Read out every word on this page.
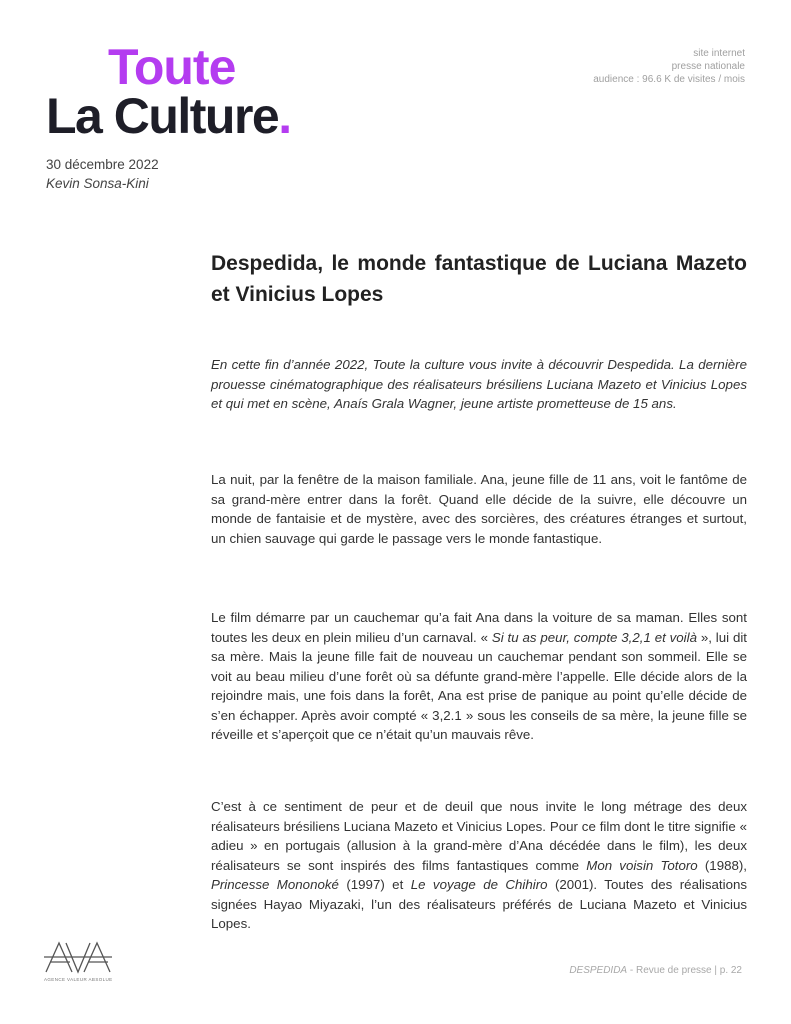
Toute
La Culture.
30 décembre 2022
Kevin Sonsa-Kini
site internet
presse nationale
audience : 96.6 K de visites / mois
Despedida, le monde fantastique de Luciana Mazeto et Vinicius Lopes

En cette fin d’année 2022, Toute la culture vous invite à découvrir Despedida. La dernière prouesse cinématographique des réalisateurs brésiliens Luciana Mazeto et Vinicius Lopes et qui met en scène, Anaís Grala Wagner, jeune artiste prometteuse de 15 ans.

La nuit, par la fenêtre de la maison familiale. Ana, jeune fille de 11 ans, voit le fantôme de sa grand-mère entrer dans la forêt. Quand elle décide de la suivre, elle découvre un monde de fantaisie et de mystère, avec des sorcières, des créatures étranges et surtout, un chien sauvage qui garde le passage vers le monde fantastique.

Le film démarre par un cauchemar qu’a fait Ana dans la voiture de sa maman. Elles sont toutes les deux en plein milieu d’un carnaval. « Si tu as peur, compte 3,2,1 et voilà », lui dit sa mère. Mais la jeune fille fait de nouveau un cauchemar pendant son sommeil. Elle se voit au beau milieu d’une forêt où sa défunte grand-mère l’appelle. Elle décide alors de la rejoindre mais, une fois dans la forêt, Ana est prise de panique au point qu’elle décide de s’en échapper. Après avoir compté « 3,2.1 » sous les conseils de sa mère, la jeune fille se réveille et s’aperçoit que ce n’était qu’un mauvais rêve.

C’est à ce sentiment de peur et de deuil que nous invite le long métrage des deux réalisateurs brésiliens Luciana Mazeto et Vinicius Lopes. Pour ce film dont le titre signifie « adieu » en portugais (allusion à la grand-mère d’Ana décédée dans le film), les deux réalisateurs se sont inspirés des films fantastiques comme Mon voisin Totoro (1988), Princesse Mononoké (1997) et Le voyage de Chihiro (2001). Toutes des réalisations signées Hayao Miyazaki, l’un des réalisateurs préférés de Luciana Mazeto et Vinicius Lopes.

AGENCE VALEUR ABSOLUE
DESPEDIDA - Revue de presse | p. 22
